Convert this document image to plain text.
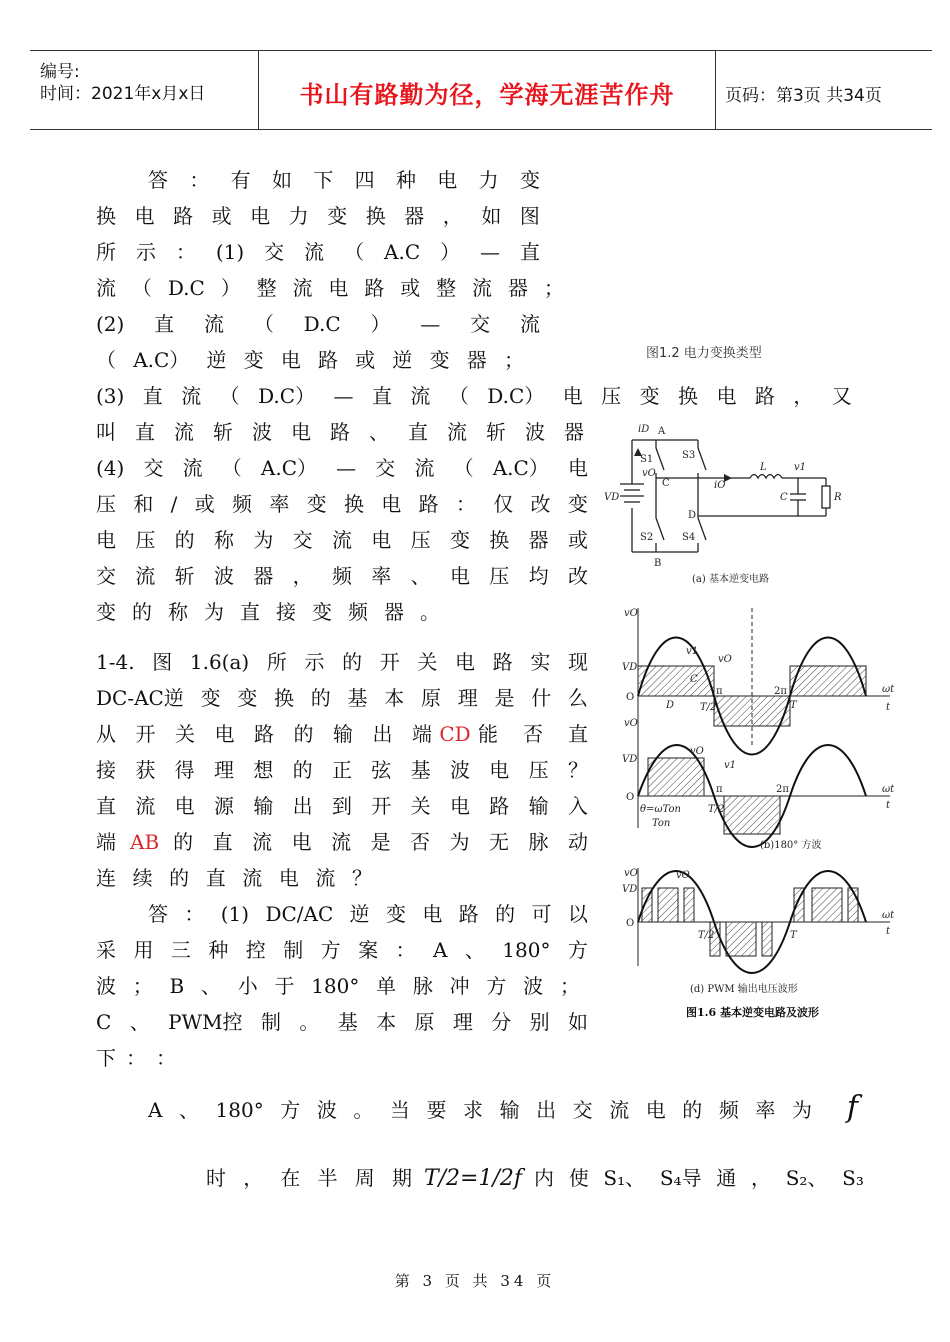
编号:
时间：2021年x月x日	书山有路勤为径，学海无涯苦作舟	页码：第3页 共34页
答 ： 有 如 下 四 种 电 力 变
换 电 路 或 电 力 变 换 器 ， 如 图
所 示 ： (1) 交 流 （ A.C ） — 直
流 （ D.C ） 整 流 电 路 或 整 流 器 ；
(2) 直 流 （ D.C ） — 交 流
（ A.C） 逆 变 电 路 或 逆 变 器 ；
(3) 直 流 （ D.C） — 直 流 （ D.C） 电 压 变 换 电 路 ， 又
叫 直 流 斩 波 电 路 、 直 流 斩 波 器
(4) 交 流 （ A.C） — 交 流 （ A.C） 电
压 和 / 或 频 率 变 换 电 路 ： 仅 改 变
电 压 的 称 为 交 流 电 压 变 换 器 或
交 流 斩 波 器 ， 频 率 、 电 压 均 改
变 的 称 为 直 接 变 频 器 。
1-4. 图 1.6(a) 所 示 的 开 关 电 路 实 现
DC-AC逆 变 变 换 的 基 本 原 理 是 什 么
从 开 关 电 路 的 输 出 端 CD 能 否 直
接 获 得 理 想 的 正 弦 基 波 电 压 ？
直 流 电 源 输 出 到 开 关 电 路 输 入
端 AB 的 直 流 电 流 是 否 为 无 脉 动
连 续 的 直 流 电 流 ？
答 ： (1) DC/AC 逆 变 电 路 的 可 以
采 用 三 种 控 制 方 案 ： A 、 180° 方
波 ； B 、 小 于 180° 单 脉 冲 方 波 ；
C 、 PWM控 制 。 基 本 原 理 分 别 如
下 ： ：
A 、 180° 方 波 。 当 要 求 输 出 交 流 电 的 频 率 为 f
时 ， 在 半 周 期 T/2=1/2f 内 使 S₁、 S₄导 通 ， S₂、 S₃
图1.2 电力变换类型
iD A
S1	S3
vO
C
VD
iO
L	v1
C	R
D
S2	S4
B
(a) 基本逆变电路
vO
VD
O
v1
vO
C
D
π
T/2
2π
T
ωt
t
vO
VD
O
vO
v1
θ=ωTon
Ton
π
T/2
2π	ωt
t
(b)180° 方波
vO
VD
O
vO
T/2	T
ωt
t
(d) PWM 输出电压波形
图1.6 基本逆变电路及波形
第 3 页 共 34 页
